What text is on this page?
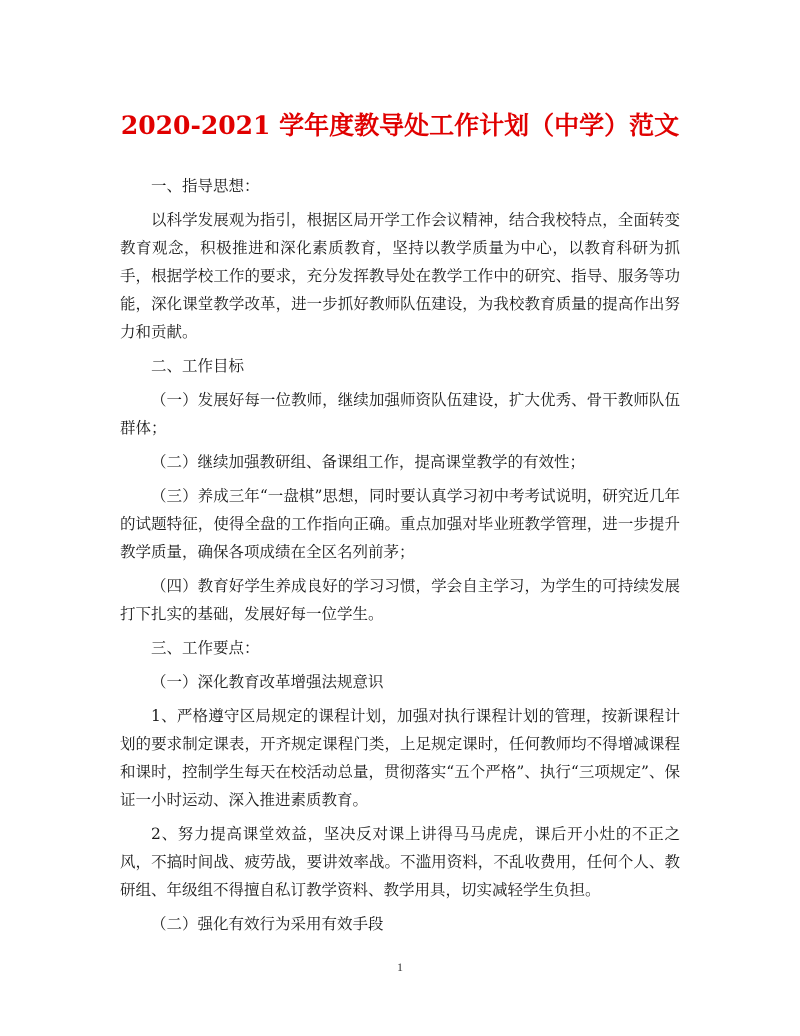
2020-2021 学年度教导处工作计划（中学）范文

一、指导思想：

以科学发展观为指引，根据区局开学工作会议精神，结合我校特点，全面转变教育观念，积极推进和深化素质教育，坚持以教学质量为中心，以教育科研为抓手，根据学校工作的要求，充分发挥教导处在教学工作中的研究、指导、服务等功能，深化课堂教学改革，进一步抓好教师队伍建设，为我校教育质量的提高作出努力和贡献。

二、工作目标

（一）发展好每一位教师，继续加强师资队伍建设，扩大优秀、骨干教师队伍群体；

（二）继续加强教研组、备课组工作，提高课堂教学的有效性；

（三）养成三年“一盘棋”思想，同时要认真学习初中考考试说明，研究近几年的试题特征，使得全盘的工作指向正确。重点加强对毕业班教学管理，进一步提升教学质量，确保各项成绩在全区名列前茅；

（四）教育好学生养成良好的学习习惯，学会自主学习，为学生的可持续发展打下扎实的基础，发展好每一位学生。

三、工作要点：

（一）深化教育改革增强法规意识

1、严格遵守区局规定的课程计划，加强对执行课程计划的管理，按新课程计划的要求制定课表，开齐规定课程门类，上足规定课时，任何教师均不得增减课程和课时，控制学生每天在校活动总量，贯彻落实“五个严格”、执行“三项规定”、保证一小时运动、深入推进素质教育。

2、努力提高课堂效益，坚决反对课上讲得马马虎虎，课后开小灶的不正之风，不搞时间战、疲劳战，要讲效率战。不滥用资料，不乱收费用，任何个人、教研组、年级组不得擅自私订教学资料、教学用具，切实减轻学生负担。

（二）强化有效行为采用有效手段

1
